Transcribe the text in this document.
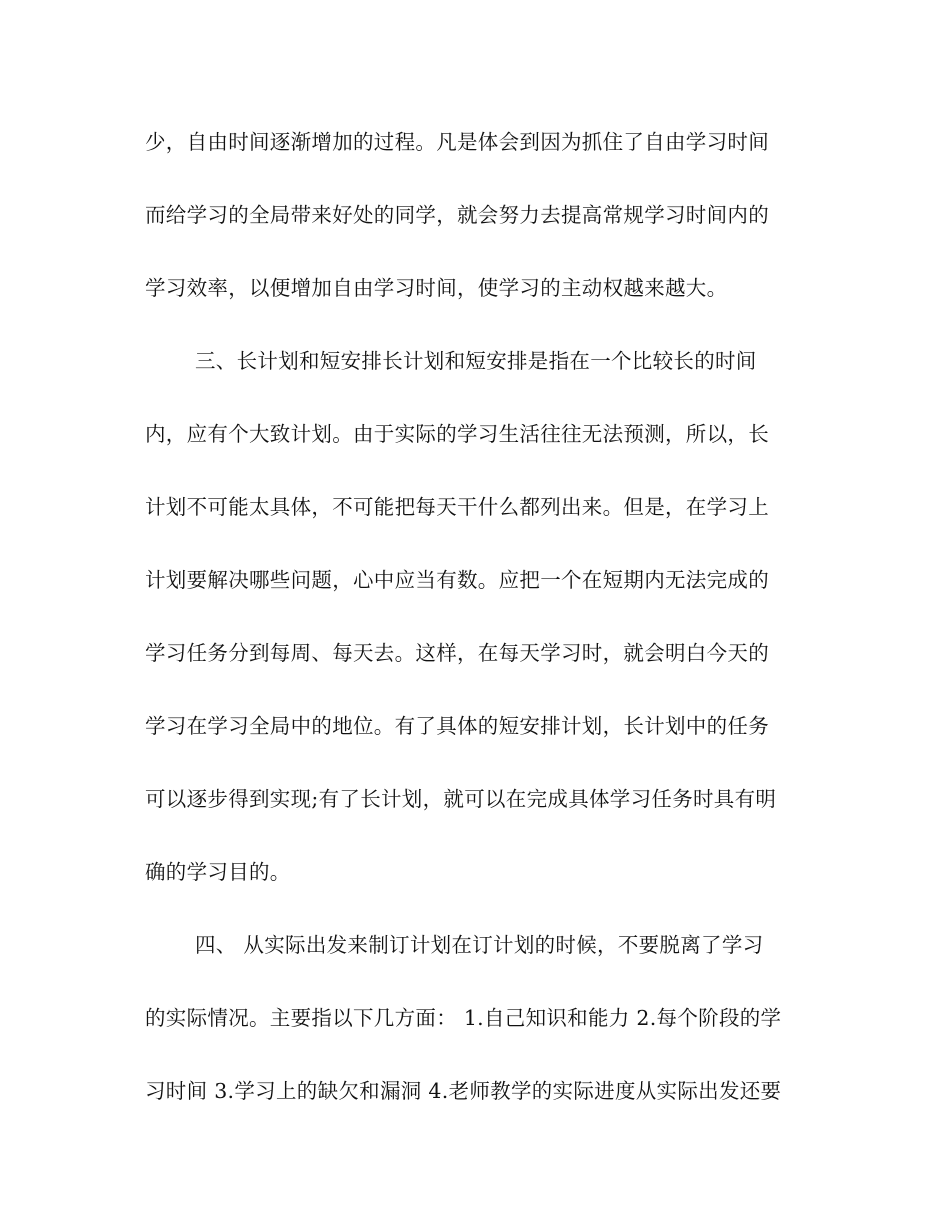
少，自由时间逐渐增加的过程。凡是体会到因为抓住了自由学习时间
而给学习的全局带来好处的同学，就会努力去提高常规学习时间内的
学习效率，以便增加自由学习时间，使学习的主动权越来越大。
三、长计划和短安排长计划和短安排是指在一个比较长的时间
内，应有个大致计划。由于实际的学习生活往往无法预测，所以，长
计划不可能太具体，不可能把每天干什么都列出来。但是，在学习上
计划要解决哪些问题，心中应当有数。应把一个在短期内无法完成的
学习任务分到每周、每天去。这样，在每天学习时，就会明白今天的
学习在学习全局中的地位。有了具体的短安排计划，长计划中的任务
可以逐步得到实现;有了长计划，就可以在完成具体学习任务时具有明
确的学习目的。
四、 从实际出发来制订计划在订计划的时候，不要脱离了学习
的实际情况。主要指以下几方面： 1.自己知识和能力 2.每个阶段的学
习时间 3.学习上的缺欠和漏洞 4.老师教学的实际进度从实际出发还要
